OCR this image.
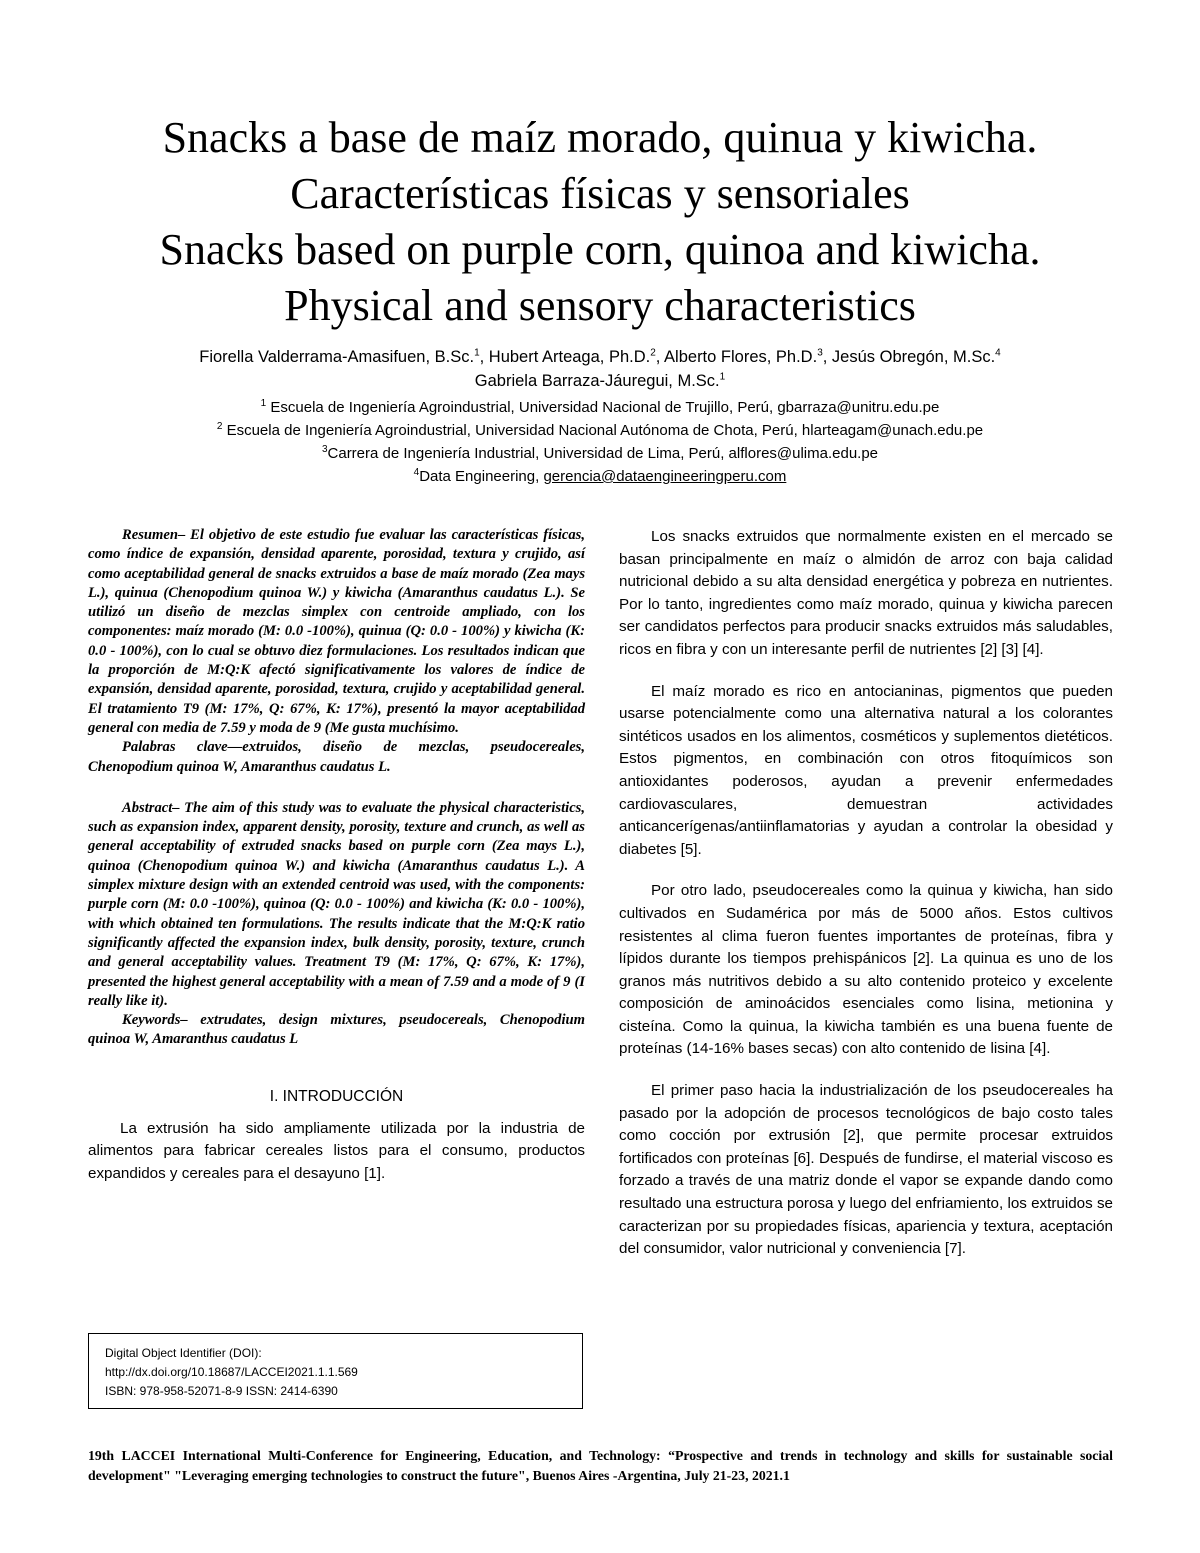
Snacks a base de maíz morado, quinua y kiwicha.
Características físicas y sensoriales
Snacks based on purple corn, quinoa and kiwicha.
Physical and sensory characteristics
Fiorella Valderrama-Amasifuen, B.Sc.$^1$, Hubert Arteaga, Ph.D.$^2$, Alberto Flores, Ph.D.$^3$, Jesús Obregón, M.Sc.$^4$
Gabriela Barraza-Jáuregui, M.Sc.$^1$
$^1$ Escuela de Ingeniería Agroindustrial, Universidad Nacional de Trujillo, Perú, gbarraza@unitru.edu.pe
$^2$ Escuela de Ingeniería Agroindustrial, Universidad Nacional Autónoma de Chota, Perú, hlarteagam@unach.edu.pe
$^3$Carrera de Ingeniería Industrial, Universidad de Lima, Perú, alflores@ulima.edu.pe
$^4$Data Engineering, gerencia@dataengineeringperu.com

Resumen– El objetivo de este estudio fue evaluar las características físicas, como índice de expansión, densidad aparente, porosidad, textura y crujido, así como aceptabilidad general de snacks extruidos a base de maíz morado (Zea mays L.), quinua (Chenopodium quinoa W.) y kiwicha (Amaranthus caudatus L.). Se utilizó un diseño de mezclas simplex con centroide ampliado, con los componentes: maíz morado (M: 0.0 -100%), quinua (Q: 0.0 - 100%) y kiwicha (K: 0.0 - 100%), con lo cual se obtuvo diez formulaciones. Los resultados indican que la proporción de M:Q:K afectó significativamente los valores de índice de expansión, densidad aparente, porosidad, textura, crujido y aceptabilidad general. El tratamiento T9 (M: 17%, Q: 67%, K: 17%), presentó la mayor aceptabilidad general con media de 7.59 y moda de 9 (Me gusta muchísimo.

Palabras clave—extruidos, diseño de mezclas, pseudocereales, Chenopodium quinoa W, Amaranthus caudatus L.

Abstract– The aim of this study was to evaluate the physical characteristics, such as expansion index, apparent density, porosity, texture and crunch, as well as general acceptability of extruded snacks based on purple corn (Zea mays L.), quinoa (Chenopodium quinoa W.) and kiwicha (Amaranthus caudatus L.). A simplex mixture design with an extended centroid was used, with the components: purple corn (M: 0.0 -100%), quinoa (Q: 0.0 - 100%) and kiwicha (K: 0.0 - 100%), with which obtained ten formulations. The results indicate that the M:Q:K ratio significantly affected the expansion index, bulk density, porosity, texture, crunch and general acceptability values. Treatment T9 (M: 17%, Q: 67%, K: 17%), presented the highest general acceptability with a mean of 7.59 and a mode of 9 (I really like it).

Keywords– extrudates, design mixtures, pseudocereals, Chenopodium quinoa W, Amaranthus caudatus L

I. INTRODUCCIÓN

La extrusión ha sido ampliamente utilizada por la industria de alimentos para fabricar cereales listos para el consumo, productos expandidos y cereales para el desayuno [1].

Los snacks extruidos que normalmente existen en el mercado se basan principalmente en maíz o almidón de arroz con baja calidad nutricional debido a su alta densidad energética y pobreza en nutrientes. Por lo tanto, ingredientes como maíz morado, quinua y kiwicha parecen ser candidatos perfectos para producir snacks extruidos más saludables, ricos en fibra y con un interesante perfil de nutrientes [2] [3] [4].

El maíz morado es rico en antocianinas, pigmentos que pueden usarse potencialmente como una alternativa natural a los colorantes sintéticos usados en los alimentos, cosméticos y suplementos dietéticos. Estos pigmentos, en combinación con otros fitoquímicos son antioxidantes poderosos, ayudan a prevenir enfermedades cardiovasculares, demuestran actividades anticancerígenas/antiinflamatorias y ayudan a controlar la obesidad y diabetes [5].

Por otro lado, pseudocereales como la quinua y kiwicha, han sido cultivados en Sudamérica por más de 5000 años. Estos cultivos resistentes al clima fueron fuentes importantes de proteínas, fibra y lípidos durante los tiempos prehispánicos [2]. La quinua es uno de los granos más nutritivos debido a su alto contenido proteico y excelente composición de aminoácidos esenciales como lisina, metionina y cisteína. Como la quinua, la kiwicha también es una buena fuente de proteínas (14-16% bases secas) con alto contenido de lisina [4].

El primer paso hacia la industrialización de los pseudocereales ha pasado por la adopción de procesos tecnológicos de bajo costo tales como cocción por extrusión [2], que permite procesar extruidos fortificados con proteínas [6]. Después de fundirse, el material viscoso es forzado a través de una matriz donde el vapor se expande dando como resultado una estructura porosa y luego del enfriamiento, los extruidos se caracterizan por su propiedades físicas, apariencia y textura, aceptación del consumidor, valor nutricional y conveniencia [7].

Digital Object Identifier (DOI):
http://dx.doi.org/10.18687/LACCEI2021.1.1.569
ISBN: 978-958-52071-8-9 ISSN: 2414-6390
19th LACCEI International Multi-Conference for Engineering, Education, and Technology: “Prospective and trends in technology and skills for sustainable social development" "Leveraging emerging technologies to construct the future", Buenos Aires -Argentina, July 21-23, 2021.1
